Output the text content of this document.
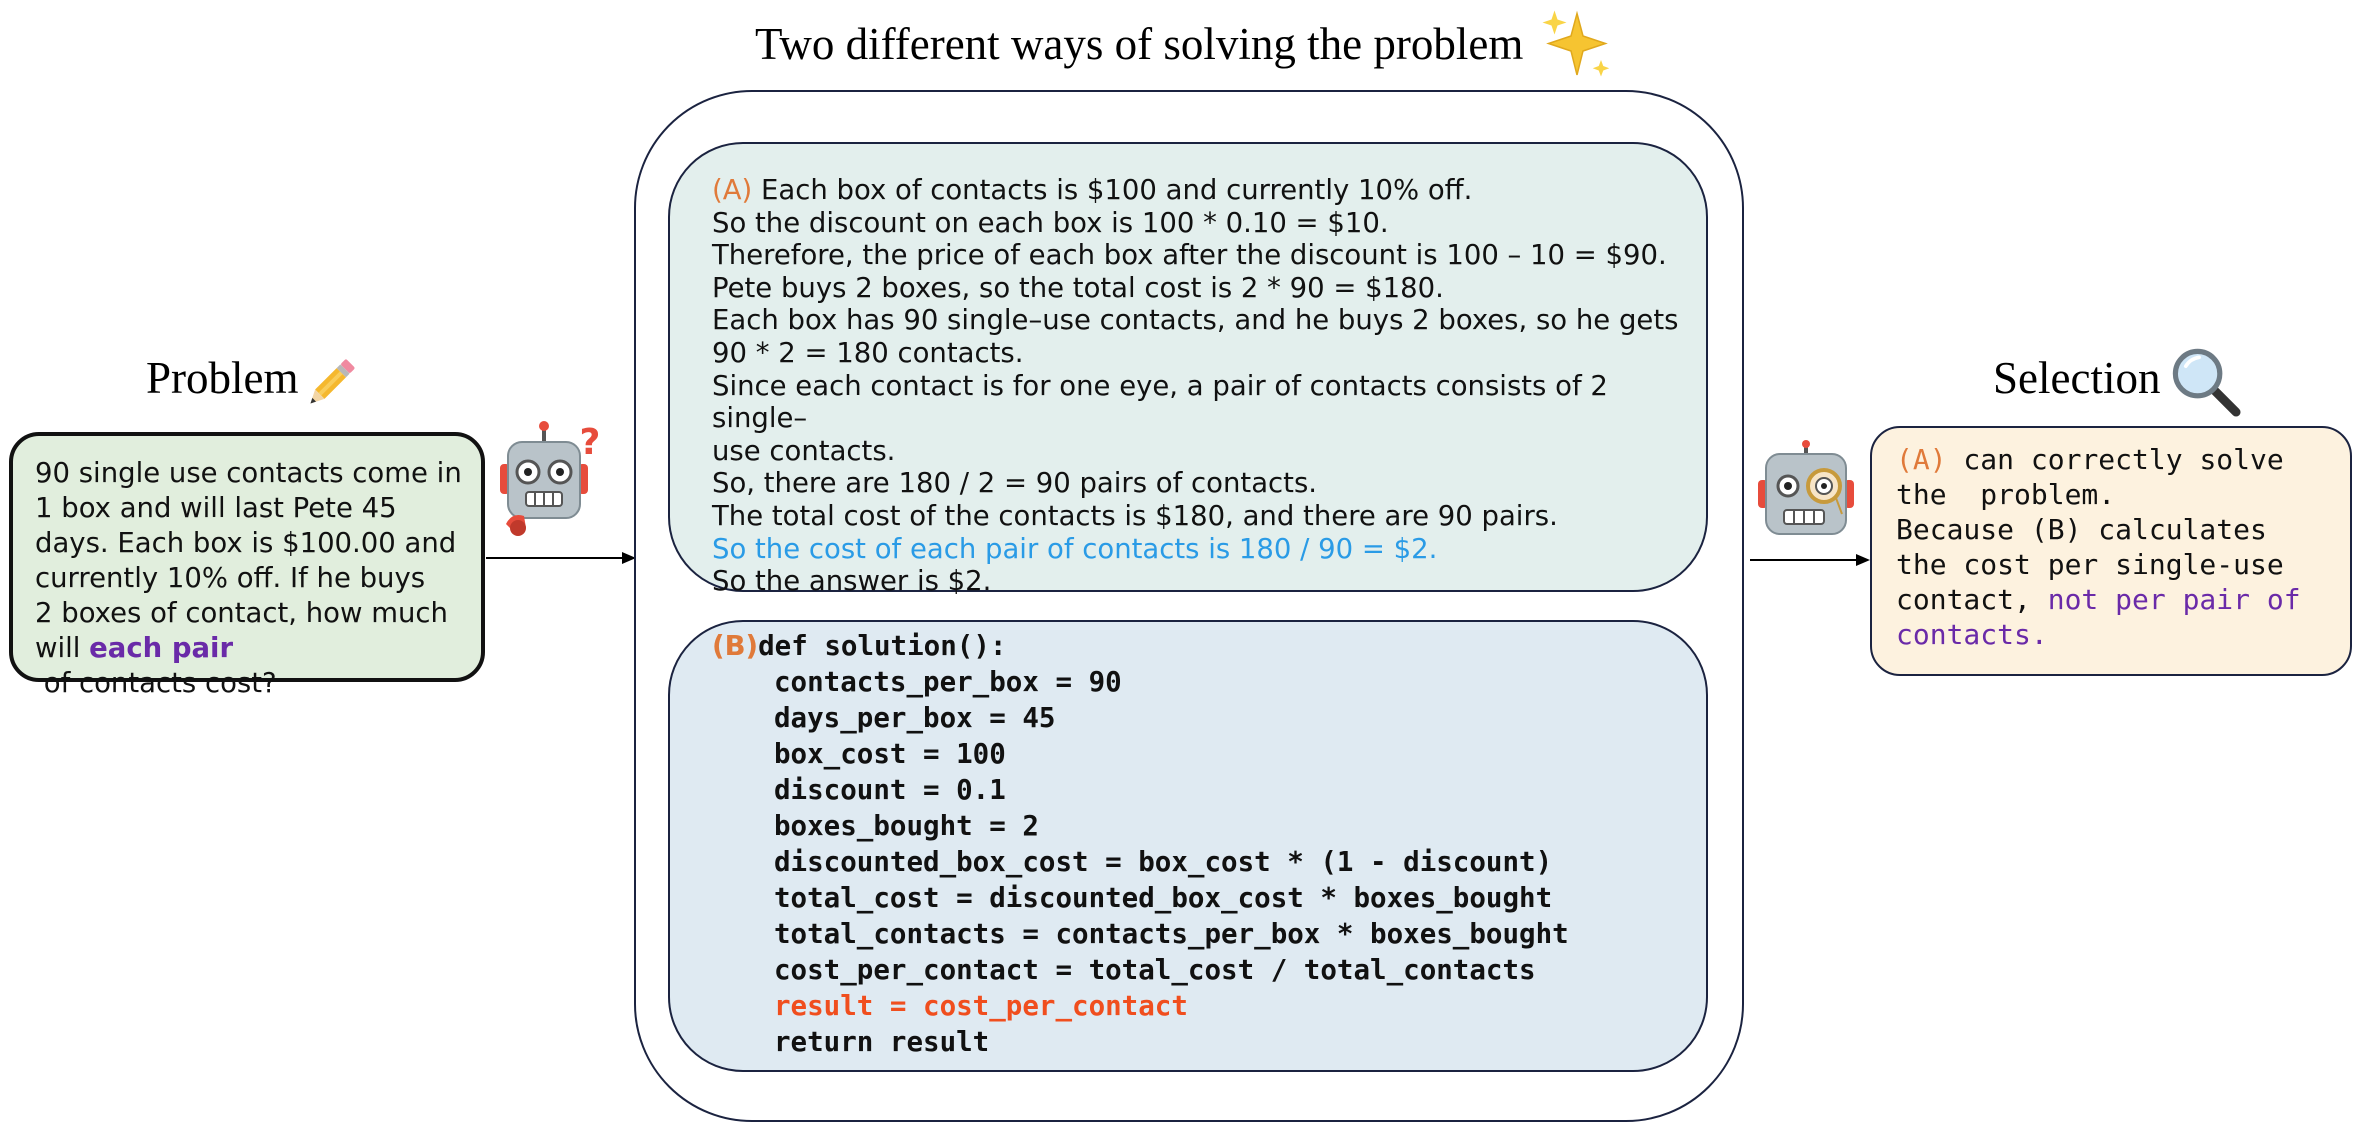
Two different ways of solving the problem
Problem
90 single use contacts come in
1 box and will last Pete 45
days. Each box is $100.00 and
currently 10% off. If he buys
2 boxes of contact, how much
will each pair of contacts cost?
?
(A) Each box of contacts is $100 and currently 10% off.
So the discount on each box is 100 * 0.10 = $10.
Therefore, the price of each box after the discount is 100 – 10 = $90.
Pete buys 2 boxes, so the total cost is 2 * 90 = $180.
Each box has 90 single–use contacts, and he buys 2 boxes, so he gets
90 * 2 = 180 contacts.
Since each contact is for one eye, a pair of contacts consists of 2 single–
use contacts.
So, there are 180 / 2 = 90 pairs of contacts.
The total cost of the contacts is $180, and there are 90 pairs.
So the cost of each pair of contacts is 180 / 90 = $2.
So the answer is $2.
(B)def solution():
contacts_per_box = 90
days_per_box = 45
box_cost = 100
discount = 0.1
boxes_bought = 2
discounted_box_cost = box_cost * (1 - discount)
total_cost = discounted_box_cost * boxes_bought
total_contacts = contacts_per_box * boxes_bought
cost_per_contact = total_cost / total_contacts
result = cost_per_contact
return result
Selection
(A) can correctly solve
the  problem.
Because (B) calculates
the cost per single-use
contact, not per pair of
contacts.
